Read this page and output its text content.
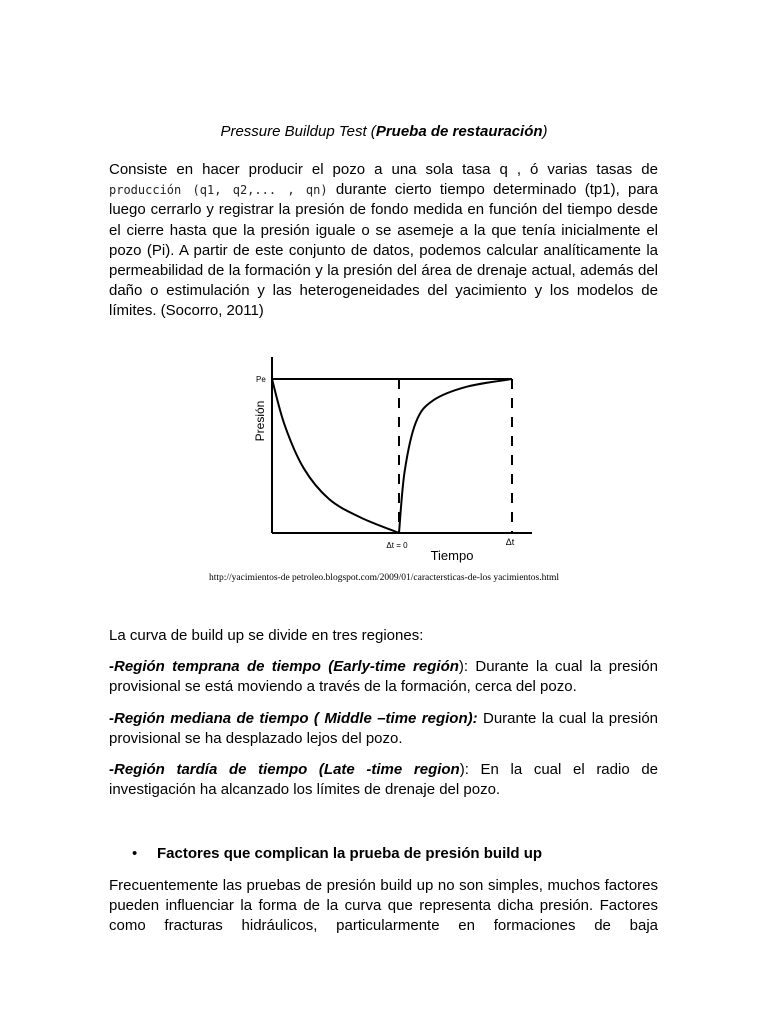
Pressure Buildup Test (Prueba de restauración)

Consiste en hacer producir el pozo a una sola tasa q , ó varias tasas de producción (q1, q2,... , qn) durante cierto tiempo determinado (tp1), para luego cerrarlo y registrar la presión de fondo medida en función del tiempo desde el cierre hasta que la presión iguale o se asemeje a la que tenía inicialmente el pozo (Pi). A partir de este conjunto de datos, podemos calcular analíticamente la permeabilidad de la formación y la presión del área de drenaje actual, además del daño o estimulación y las heterogeneidades del yacimiento y los modelos de límites. (Socorro, 2011)

Pe
Presión
Δt = 0	Δt
Tiempo
http://yacimientos-de petroleo.blogspot.com/2009/01/caractersticas-de-los yacimientos.html

La curva de build up se divide en tres regiones:

-Región temprana de tiempo (Early-time región): Durante la cual la presión provisional se está moviendo a través de la formación, cerca del pozo.

-Región mediana de tiempo ( Middle –time region): Durante la cual la presión provisional se ha desplazado lejos del pozo.

-Región tardía de tiempo (Late -time region): En la cual el radio de investigación ha alcanzado los límites de drenaje del pozo.

• Factores que complican la prueba de presión build up

Frecuentemente las pruebas de presión build up no son simples, muchos factores pueden influenciar la forma de la curva que representa dicha presión. Factores como fracturas hidráulicos, particularmente en formaciones de baja
